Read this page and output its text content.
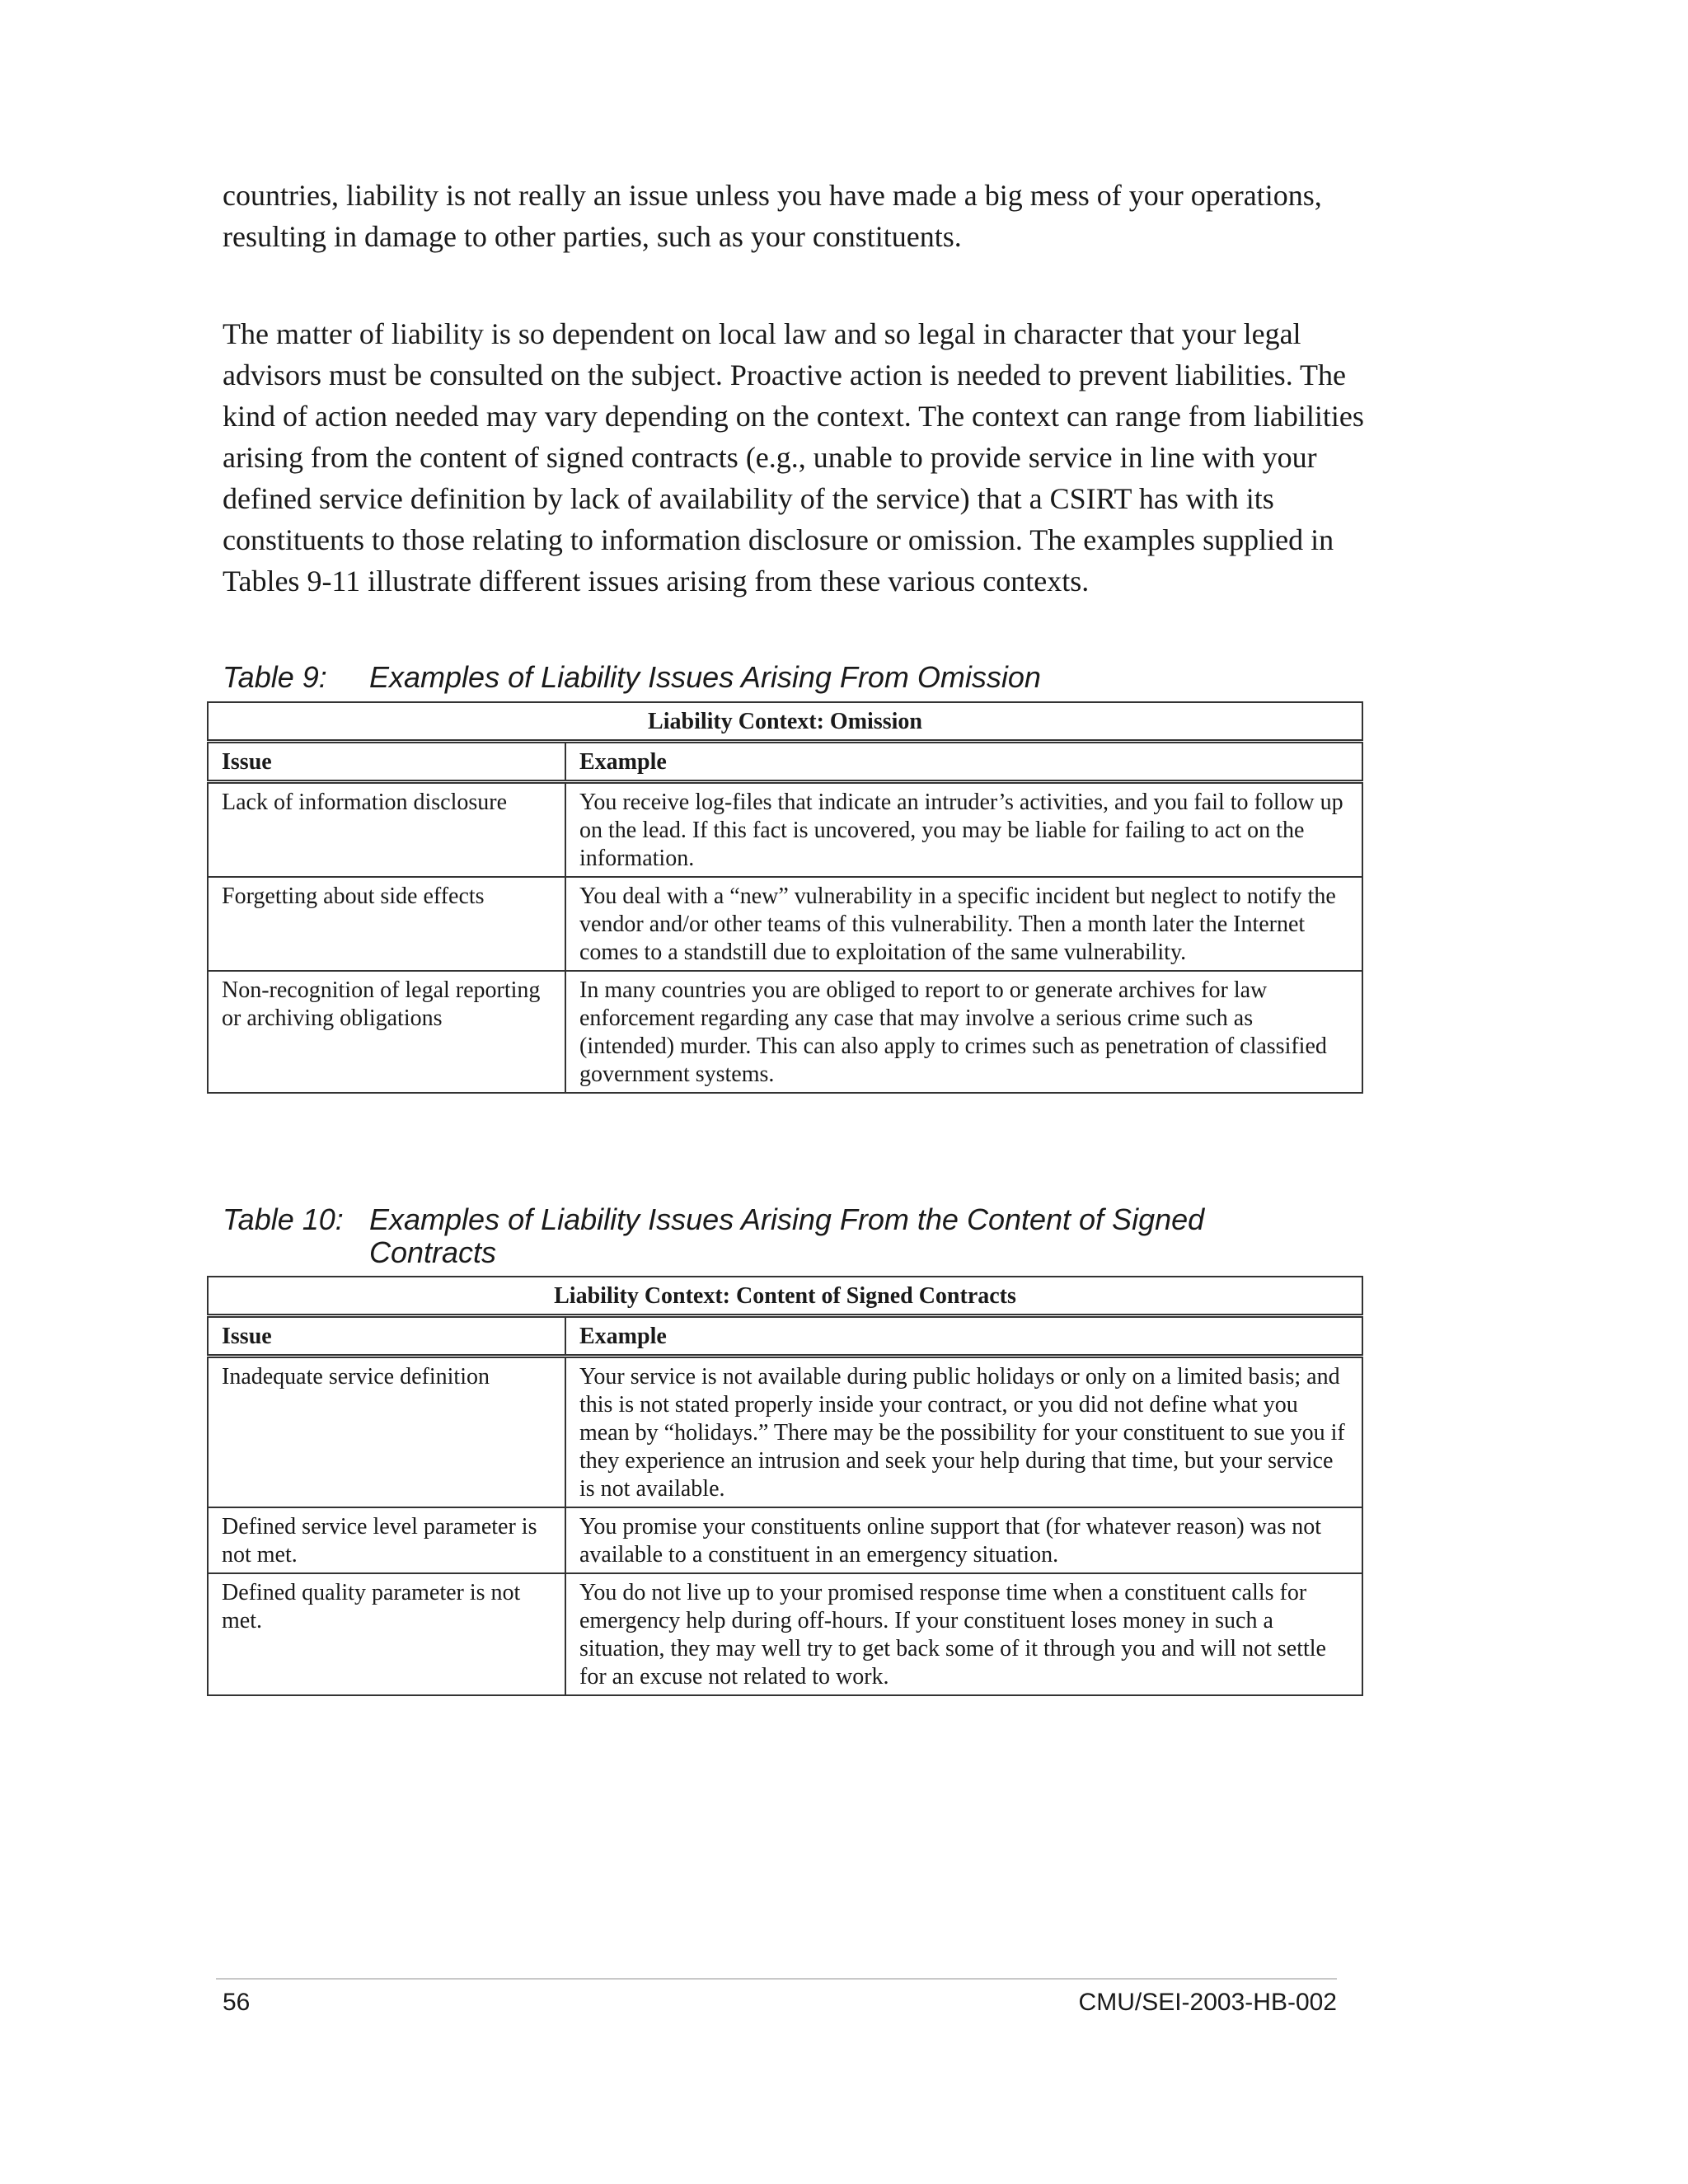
countries, liability is not really an issue unless you have made a big mess of your operations, resulting in damage to other parties, such as your constituents.

The matter of liability is so dependent on local law and so legal in character that your legal advisors must be consulted on the subject. Proactive action is needed to prevent liabilities. The kind of action needed may vary depending on the context. The context can range from liabilities arising from the content of signed contracts (e.g., unable to provide service in line with your defined service definition by lack of availability of the service) that a CSIRT has with its constituents to those relating to information disclosure or omission. The examples supplied in Tables 9-11 illustrate different issues arising from these various contexts.

Table 9:	Examples of Liability Issues Arising From Omission
Liability Context: Omission	
Issue	Example
Lack of information disclosure	You receive log-files that indicate an intruder’s activities, and you fail to follow up on the lead. If this fact is uncovered, you may be liable for failing to act on the information.
Forgetting about side effects	You deal with a “new” vulnerability in a specific incident but neglect to notify the vendor and/or other teams of this vulnerability. Then a month later the Internet comes to a standstill due to exploitation of the same vulnerability.
Non-recognition of legal reporting or archiving obligations	In many countries you are obliged to report to or generate archives for law enforcement regarding any case that may involve a serious crime such as (intended) murder. This can also apply to crimes such as penetration of classified government systems.
Table 10: Examples of Liability Issues Arising From the Content of Signed Contracts
Liability Context: Content of Signed Contracts	
Issue	Example
Inadequate service definition	Your service is not available during public holidays or only on a limited basis; and this is not stated properly inside your contract, or you did not define what you mean by “holidays.” There may be the possibility for your constituent to sue you if they experience an intrusion and seek your help during that time, but your service is not available.
Defined service level parameter is not met.	You promise your constituents online support that (for whatever reason) was not available to a constituent in an emergency situation.
Defined quality parameter is not met.	You do not live up to your promised response time when a constituent calls for emergency help during off-hours. If your constituent loses money in such a situation, they may well try to get back some of it through you and will not settle for an excuse not related to work.
56	CMU/SEI-2003-HB-002
